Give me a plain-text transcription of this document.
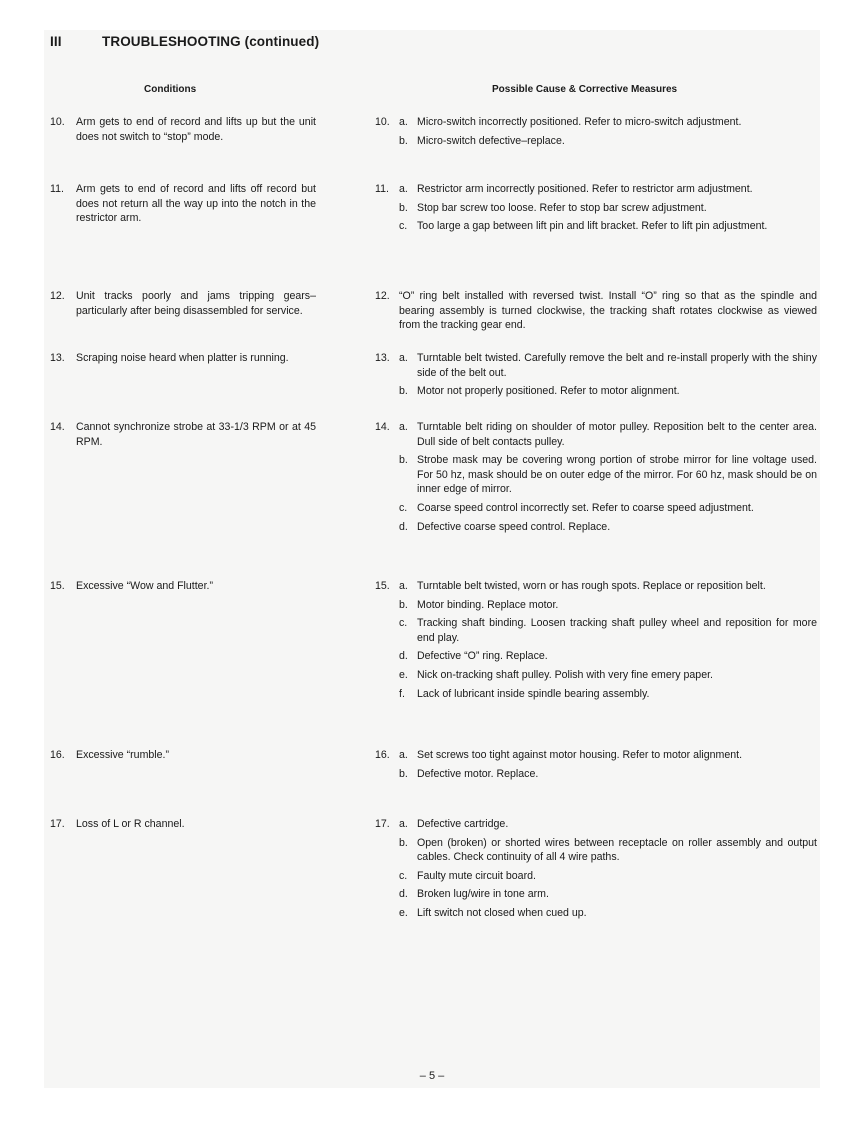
III	TROUBLESHOOTING (continued)
Conditions	Possible Cause & Corrective Measures
10. Arm gets to end of record and lifts up but the unit does not switch to “stop” mode.
10. a. Micro-switch incorrectly positioned. Refer to micro-switch adjustment.
b. Micro-switch defective–replace.
11. Arm gets to end of record and lifts off record but does not return all the way up into the notch in the restrictor arm.
11. a. Restrictor arm incorrectly positioned. Refer to restrictor arm adjustment.
b. Stop bar screw too loose. Refer to stop bar screw adjustment.
c. Too large a gap between lift pin and lift bracket. Refer to lift pin adjustment.
12. Unit tracks poorly and jams tripping gears–particularly after being disassembled for service.
12. “O” ring belt installed with reversed twist. Install “O” ring so that as the spindle and bearing assembly is turned clockwise, the tracking shaft rotates clockwise as viewed from the tracking gear end.
13. Scraping noise heard when platter is running.	13. a. Turntable belt twisted. Carefully remove the belt and re-install properly with the shiny side of the belt out.
b. Motor not properly positioned. Refer to motor alignment.
14. Cannot synchronize strobe at 33-1/3 RPM or at 45 RPM.
14. a. Turntable belt riding on shoulder of motor pulley. Reposition belt to the center area. Dull side of belt contacts pulley.
b. Strobe mask may be covering wrong portion of strobe mirror for line voltage used. For 50 hz, mask should be on outer edge of the mirror. For 60 hz, mask should be on inner edge of mirror.
c. Coarse speed control incorrectly set. Refer to coarse speed adjustment.
d. Defective coarse speed control. Replace.
15. Excessive “Wow and Flutter.”	15. a. Turntable belt twisted, worn or has rough spots. Replace or reposition belt.
b. Motor binding. Replace motor.
c. Tracking shaft binding. Loosen tracking shaft pulley wheel and reposition for more end play.
d. Defective “O” ring. Replace.
e. Nick on-tracking shaft pulley. Polish with very fine emery paper.
f. Lack of lubricant inside spindle bearing assembly.
16. Excessive “rumble.”	16. a. Set screws too tight against motor housing. Refer to motor alignment.
b. Defective motor. Replace.
17. Loss of L or R channel.	17. a. Defective cartridge.
b. Open (broken) or shorted wires between receptacle on roller assembly and output cables. Check continuity of all 4 wire paths.
c. Faulty mute circuit board.
d. Broken lug/wire in tone arm.
e. Lift switch not closed when cued up.
– 5 –
